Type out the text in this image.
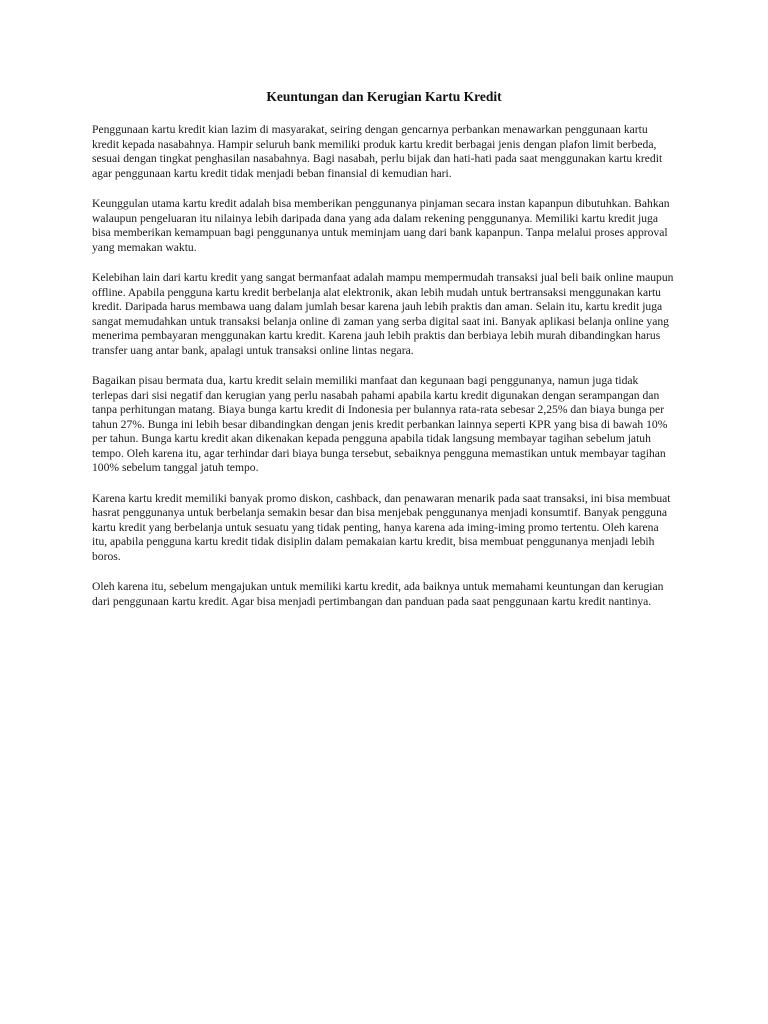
Keuntungan dan Kerugian Kartu Kredit

Penggunaan kartu kredit kian lazim di masyarakat, seiring dengan gencarnya perbankan menawarkan penggunaan kartu kredit kepada nasabahnya. Hampir seluruh bank memiliki produk kartu kredit berbagai jenis dengan plafon limit berbeda, sesuai dengan tingkat penghasilan nasabahnya. Bagi nasabah, perlu bijak dan hati-hati pada saat menggunakan kartu kredit agar penggunaan kartu kredit tidak menjadi beban finansial di kemudian hari.

Keunggulan utama kartu kredit adalah bisa memberikan penggunanya pinjaman secara instan kapanpun dibutuhkan. Bahkan walaupun pengeluaran itu nilainya lebih daripada dana yang ada dalam rekening penggunanya. Memiliki kartu kredit juga bisa memberikan kemampuan bagi penggunanya untuk meminjam uang dari bank kapanpun. Tanpa melalui proses approval yang memakan waktu.

Kelebihan lain dari kartu kredit yang sangat bermanfaat adalah mampu mempermudah transaksi jual beli baik online maupun offline. Apabila pengguna kartu kredit berbelanja alat elektronik, akan lebih mudah untuk bertransaksi menggunakan kartu kredit. Daripada harus membawa uang dalam jumlah besar karena jauh lebih praktis dan aman. Selain itu, kartu kredit juga sangat memudahkan untuk transaksi belanja online di zaman yang serba digital saat ini. Banyak aplikasi belanja online yang menerima pembayaran menggunakan kartu kredit. Karena jauh lebih praktis dan berbiaya lebih murah dibandingkan harus transfer uang antar bank, apalagi untuk transaksi online lintas negara.

Bagaikan pisau bermata dua, kartu kredit selain memiliki manfaat dan kegunaan bagi penggunanya, namun juga tidak terlepas dari sisi negatif dan kerugian yang perlu nasabah pahami apabila kartu kredit digunakan dengan serampangan dan tanpa perhitungan matang. Biaya bunga kartu kredit di Indonesia per bulannya rata-rata sebesar 2,25% dan biaya bunga per tahun 27%. Bunga ini lebih besar dibandingkan dengan jenis kredit perbankan lainnya seperti KPR yang bisa di bawah 10% per tahun. Bunga kartu kredit akan dikenakan kepada pengguna apabila tidak langsung membayar tagihan sebelum jatuh tempo. Oleh karena itu, agar terhindar dari biaya bunga tersebut, sebaiknya pengguna memastikan untuk membayar tagihan 100% sebelum tanggal jatuh tempo.

Karena kartu kredit memiliki banyak promo diskon, cashback, dan penawaran menarik pada saat transaksi, ini bisa membuat hasrat penggunanya untuk berbelanja semakin besar dan bisa menjebak penggunanya menjadi konsumtif. Banyak pengguna kartu kredit yang berbelanja untuk sesuatu yang tidak penting, hanya karena ada iming-iming promo tertentu. Oleh karena itu, apabila pengguna kartu kredit tidak disiplin dalam pemakaian kartu kredit, bisa membuat penggunanya menjadi lebih boros.

Oleh karena itu, sebelum mengajukan untuk memiliki kartu kredit, ada baiknya untuk memahami keuntungan dan kerugian dari penggunaan kartu kredit. Agar bisa menjadi pertimbangan dan panduan pada saat penggunaan kartu kredit nantinya.
